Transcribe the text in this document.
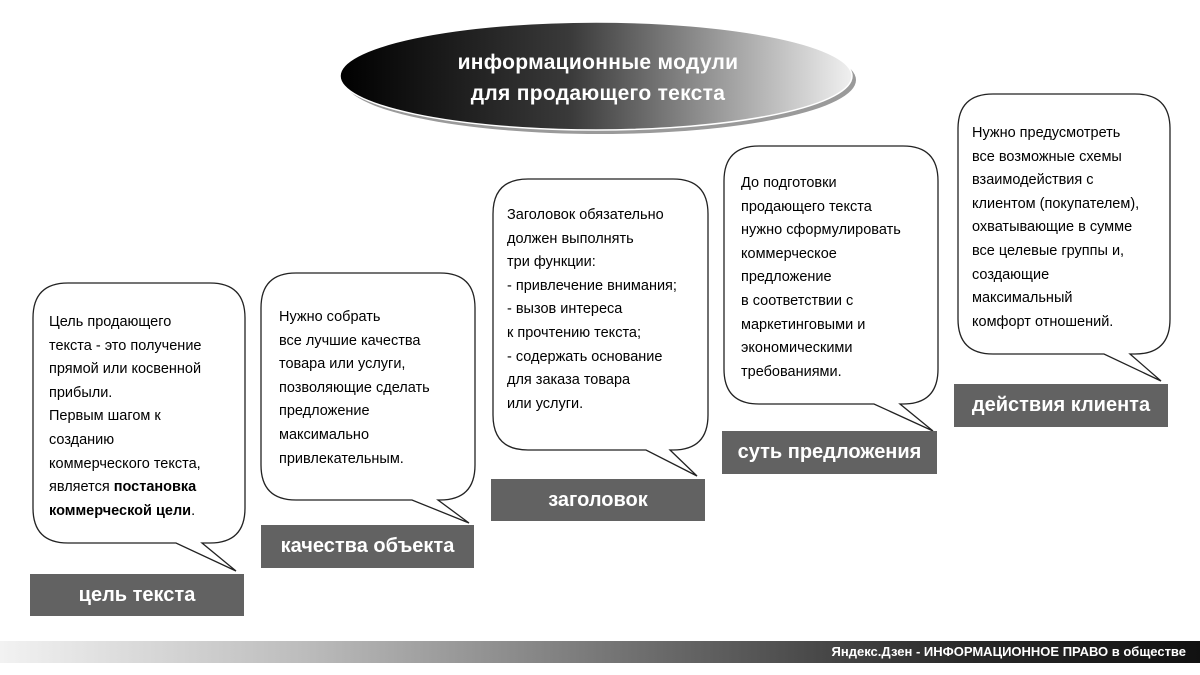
информационные модули
для продающего текста
Цель продающего
текста - это получение
прямой или косвенной
прибыли.
Первым шагом к
созданию
коммерческого текста,
является постановка
коммерческой цели.
Нужно собрать
все лучшие качества
товара или услуги,
позволяющие сделать
предложение
максимально
привлекательным.
Заголовок обязательно
должен выполнять
три функции:
- привлечение внимания;
- вызов интереса
к прочтению текста;
- содержать основание
для заказа товара
или услуги.
До подготовки
продающего текста
нужно сформулировать
коммерческое
предложение
в соответствии с
маркетинговыми и
экономическими
требованиями.
Нужно предусмотреть
все возможные схемы
взаимодействия с
клиентом (покупателем),
охватывающие в сумме
все целевые группы и,
создающие
максимальный
комфорт отношений.
цель текста
качества объекта
заголовок
суть предложения
действия клиента
Яндекс.Дзен - ИНФОРМАЦИОННОЕ ПРАВО в обществе
